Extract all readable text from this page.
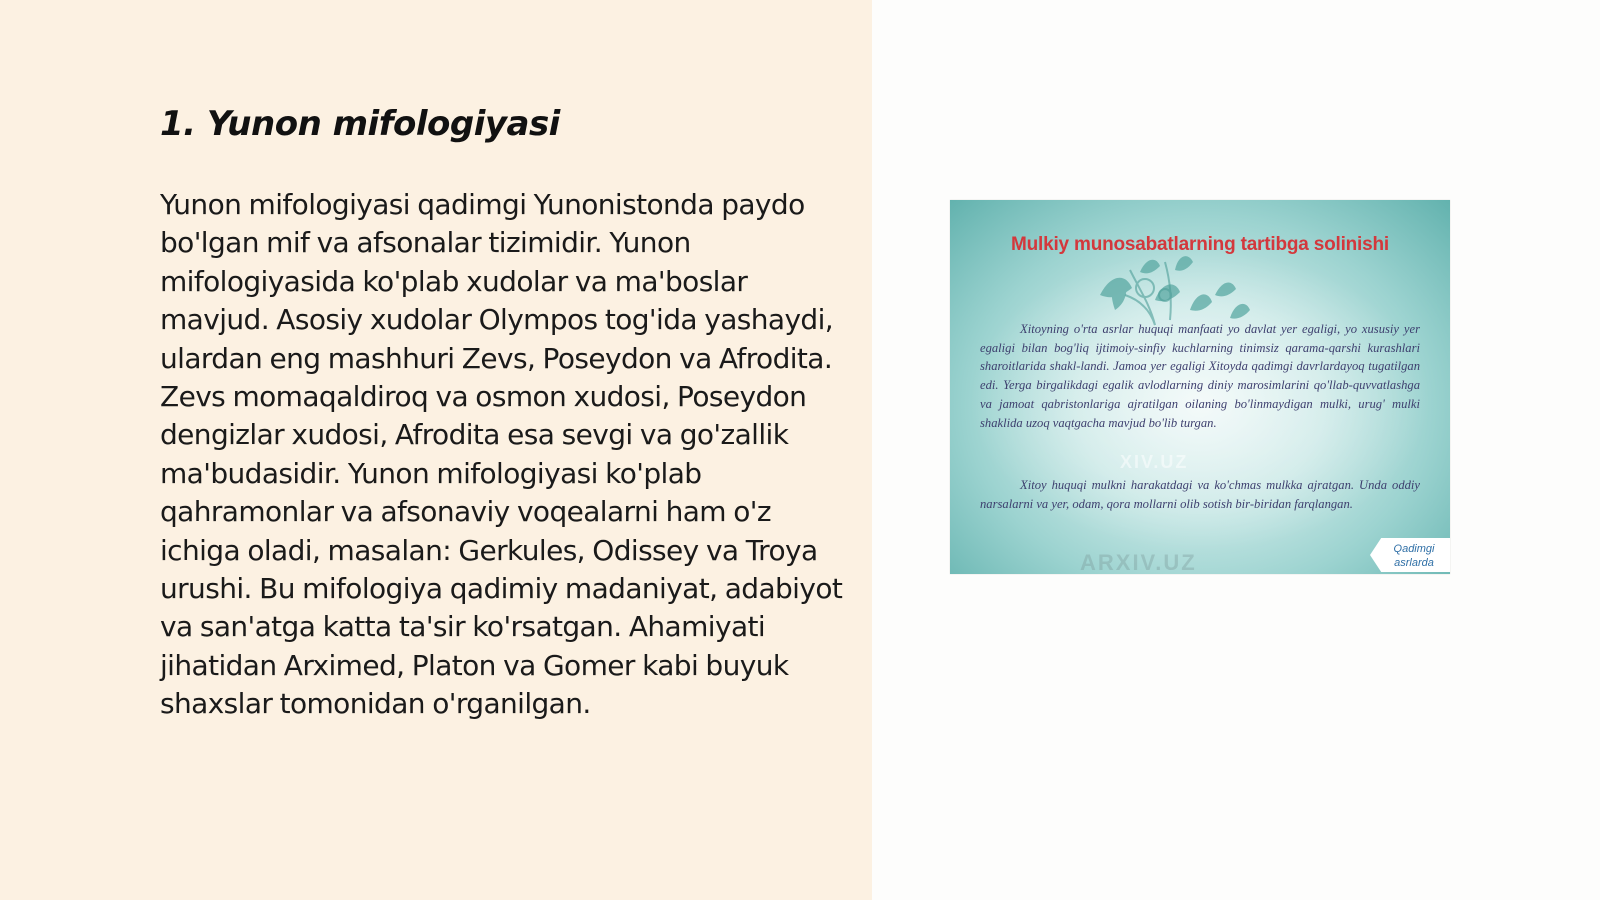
1. Yunon mifologiyasi

Yunon mifologiyasi qadimgi Yunonistonda paydo bo'lgan mif va afsonalar tizimidir. Yunon mifologiyasida ko'plab xudolar va ma'boslar mavjud. Asosiy xudolar Olympos tog'ida yashaydi, ulardan eng mashhuri Zevs, Poseydon va Afrodita. Zevs momaqaldiroq va osmon xudosi, Poseydon dengizlar xudosi, Afrodita esa sevgi va go'zallik ma'budasidir. Yunon mifologiyasi ko'plab qahramonlar va afsonaviy voqealarni ham o'z ichiga oladi, masalan: Gerkules, Odissey va Troya urushi. Bu mifologiya qadimiy madaniyat, adabiyot va san'atga katta ta'sir ko'rsatgan. Ahamiyati jihatidan Arximed, Platon va Gomer kabi buyuk shaxslar tomonidan o'rganilgan.

Mulkiy munosabatlarning tartibga solinishi
Xitoyning o'rta asrlar huquqi manfaati yo davlat yer egaligi, yo xususiy yer egaligi bilan bog'liq ijtimoiy-sinfiy kuchlarning tinimsiz qarama-qarshi kurashlari sharoitlarida shakl-landi. Jamoa yer egaligi Xitoyda qadimgi davrlardayoq tugatilgan edi. Yerga birgalikdagi egalik avlodlarning diniy marosimlarini qo'llab-quvvatlashga va jamoat qabristonlariga ajratilgan oilaning bo'linmaydigan mulki, urug' mulki shaklida uzoq vaqtgacha mavjud bo'lib turgan.
Xitoy huquqi mulkni harakatdagi va ko'chmas mulkka ajratgan. Unda oddiy narsalarni va yer, odam, qora mollarni olib sotish bir-biridan farqlangan.
XIV.UZ
ARXIV.UZ
Qadimgi asrlarda
